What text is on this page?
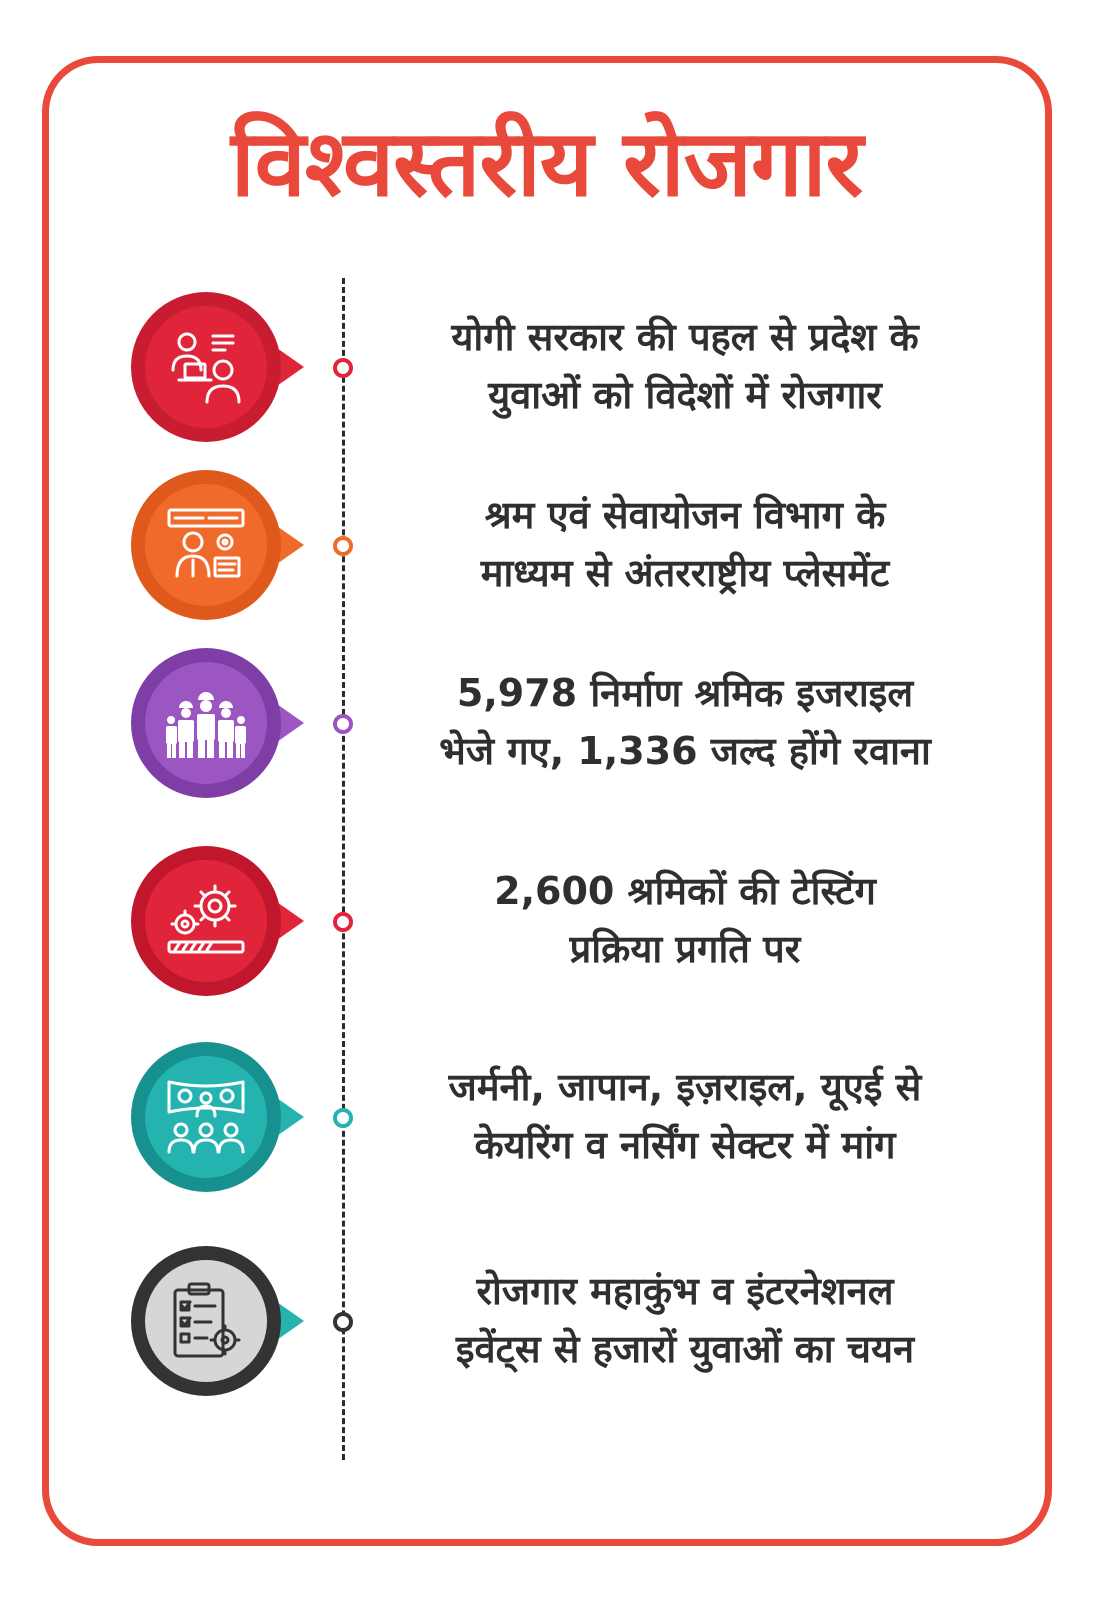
विश्वस्तरीय रोजगार
योगी सरकार की पहल से प्रदेश के
युवाओं को विदेशों में रोजगार
श्रम एवं सेवायोजन विभाग के
माध्यम से अंतरराष्ट्रीय प्लेसमेंट
5,978 निर्माण श्रमिक इजराइल
भेजे गए, 1,336 जल्द होंगे रवाना
2,600 श्रमिकों की टेस्टिंग
प्रक्रिया प्रगति पर
जर्मनी, जापान, इज़राइल, यूएई से
केयरिंग व नर्सिंग सेक्टर में मांग
रोजगार महाकुंभ व इंटरनेशनल
इवेंट्स से हजारों युवाओं का चयन
